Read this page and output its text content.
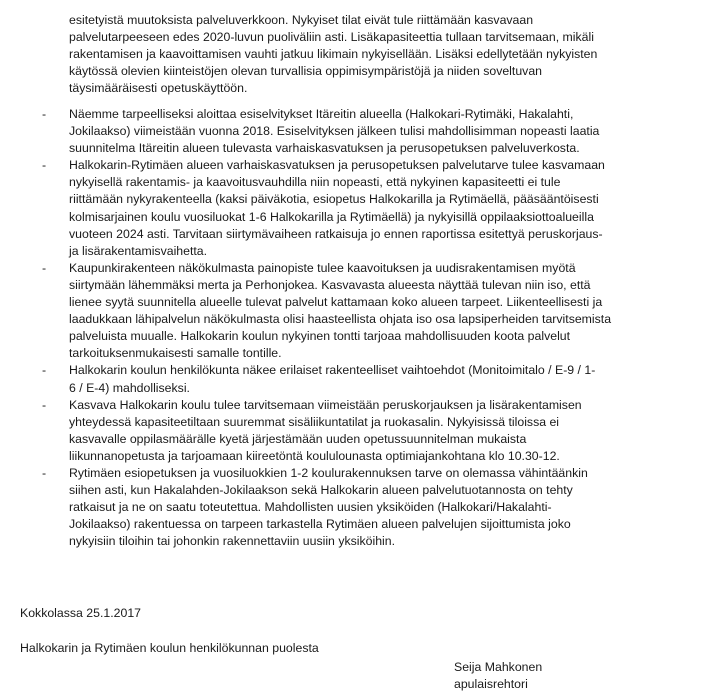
esitetyistä muutoksista palveluverkkoon. Nykyiset tilat eivät tule riittämään kasvavaan
palvelutarpeeseen edes 2020-luvun puoliväliin asti. Lisäkapasiteettia tullaan tarvitsemaan, mikäli
rakentamisen ja kaavoittamisen vauhti jatkuu likimain nykyisellään. Lisäksi edellytetään nykyisten
käytössä olevien kiinteistöjen olevan turvallisia oppimisympäristöjä ja niiden soveltuvan
täysimääräisesti opetuskäyttöön.
- Näemme tarpeelliseksi aloittaa esiselvitykset Itäreitin alueella (Halkokari-Rytimäki, Hakalahti,
Jokilaakso) viimeistään vuonna 2018. Esiselvityksen jälkeen tulisi mahdollisimman nopeasti laatia
suunnitelma Itäreitin alueen tulevasta varhaiskasvatuksen ja perusopetuksen palveluverkosta.
- Halkokarin-Rytimäen alueen varhaiskasvatuksen ja perusopetuksen palvelutarve tulee kasvamaan
nykyisellä rakentamis- ja kaavoitusvauhdilla niin nopeasti, että nykyinen kapasiteetti ei tule
riittämään nykyrakenteella (kaksi päiväkotia, esiopetus Halkokarilla ja Rytimäellä, pääsääntöisesti
kolmisarjainen koulu vuosiluokat 1-6 Halkokarilla ja Rytimäellä) ja nykyisillä oppilaaksiottoalueilla
vuoteen 2024 asti. Tarvitaan siirtymävaiheen ratkaisuja jo ennen raportissa esitettyä peruskorjaus-
ja lisärakentamisvaihetta.
- Kaupunkirakenteen näkökulmasta painopiste tulee kaavoituksen ja uudisrakentamisen myötä
siirtymään lähemmäksi merta ja Perhonjokea. Kasvavasta alueesta näyttää tulevan niin iso, että
lienee syytä suunnitella alueelle tulevat palvelut kattamaan koko alueen tarpeet. Liikenteellisesti ja
laadukkaan lähipalvelun näkökulmasta olisi haasteellista ohjata iso osa lapsiperheiden tarvitsemista
palveluista muualle. Halkokarin koulun nykyinen tontti tarjoaa mahdollisuuden koota palvelut
tarkoituksenmukaisesti samalle tontille.
- Halkokarin koulun henkilökunta näkee erilaiset rakenteelliset vaihtoehdot (Monitoimitalo / E-9 / 1-
6 / E-4) mahdolliseksi.
- Kasvava Halkokarin koulu tulee tarvitsemaan viimeistään peruskorjauksen ja lisärakentamisen
yhteydessä kapasiteetiltaan suuremmat sisäliikuntatilat ja ruokasalin. Nykyisissä tiloissa ei
kasvavalle oppilasmäärälle kyetä järjestämään uuden opetussuunnitelman mukaista
liikunnanopetusta ja tarjoamaan kiireetöntä koululounasta optimiajankohtana klo 10.30-12.
- Rytimäen esiopetuksen ja vuosiluokkien 1-2 koulurakennuksen tarve on olemassa vähintäänkin
siihen asti, kun Hakalahden-Jokilaakson sekä Halkokarin alueen palvelutuotannosta on tehty
ratkaisut ja ne on saatu toteutettua. Mahdollisten uusien yksiköiden (Halkokari/Hakalahti-
Jokilaakso) rakentuessa on tarpeen tarkastella Rytimäen alueen palvelujen sijoittumista joko
nykyisiin tiloihin tai johonkin rakennettaviin uusiin yksiköihin.
Kokkolassa 25.1.2017
Halkokarin ja Rytimäen koulun henkilökunnan puolesta
Seija Mahkonen
apulaisrehtori
